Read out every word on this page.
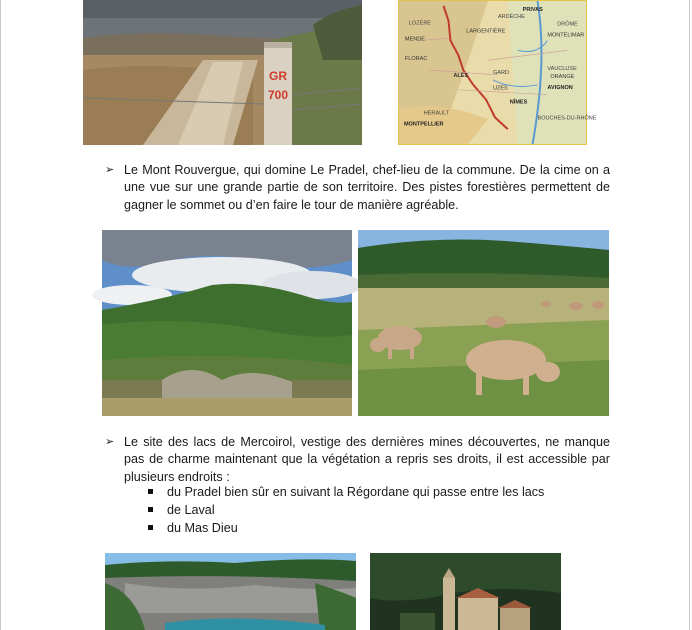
GR
700
PRIVAS
ARDÈCHE
DRÔME
LOZÈRE
LARGENTIÈRE
MONTÉLIMAR
MENDE
FLORAC
VAUCLUSE
ORANGE
ALÈS	GARD
AVIGNON
NÎMES
UZÈS
HÉRAULT
MONTPELLIER
BOUCHES-DU-RHÔNE
➢ Le Mont Rouvergue, qui domine Le Pradel, chef-lieu de la commune. De la cime on a une vue sur une grande partie de son territoire. Des pistes forestières permettent de gagner le sommet ou d’en faire le tour de manière agréable.
➢ Le site des lacs de Mercoirol, vestige des dernières mines découvertes, ne manque pas de charme maintenant que la végétation a repris ses droits, il est accessible par plusieurs endroits :
du Pradel bien sûr en suivant la Régordane qui passe entre les lacs
de Laval
du Mas Dieu
